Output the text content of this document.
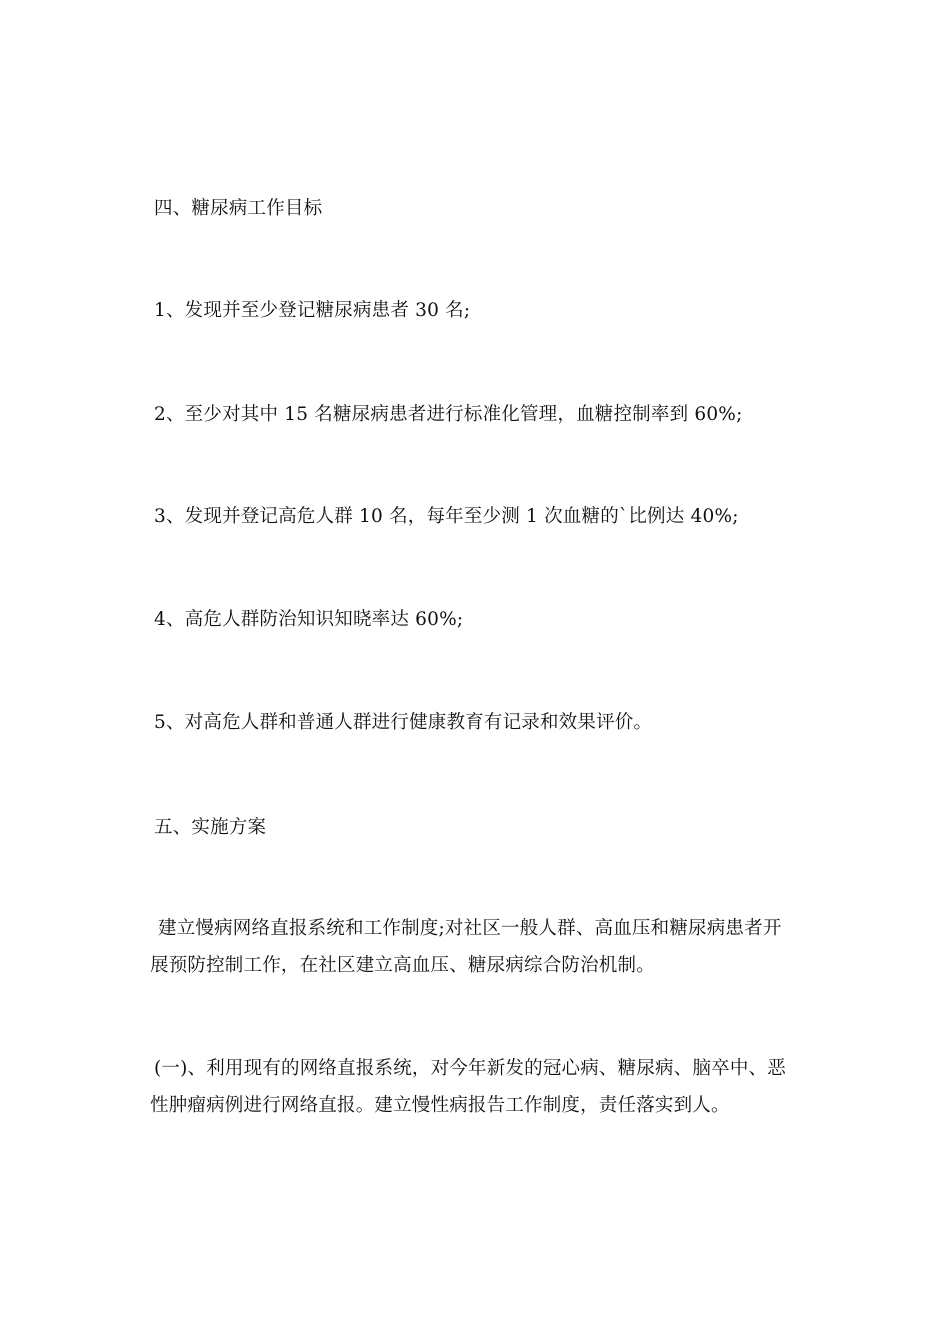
四、糖尿病工作目标

1、发现并至少登记糖尿病患者 30 名;

2、至少对其中 15 名糖尿病患者进行标准化管理，血糖控制率到 60%;

3、发现并登记高危人群 10 名，每年至少测 1 次血糖的`比例达 40%;

4、高危人群防治知识知晓率达 60%;

5、对高危人群和普通人群进行健康教育有记录和效果评价。

五、实施方案

建立慢病网络直报系统和工作制度;对社区一般人群、高血压和糖尿病患者开
展预防控制工作，在社区建立高血压、糖尿病综合防治机制。
(一)、利用现有的网络直报系统，对今年新发的冠心病、糖尿病、脑卒中、恶
性肿瘤病例进行网络直报。建立慢性病报告工作制度，责任落实到人。
